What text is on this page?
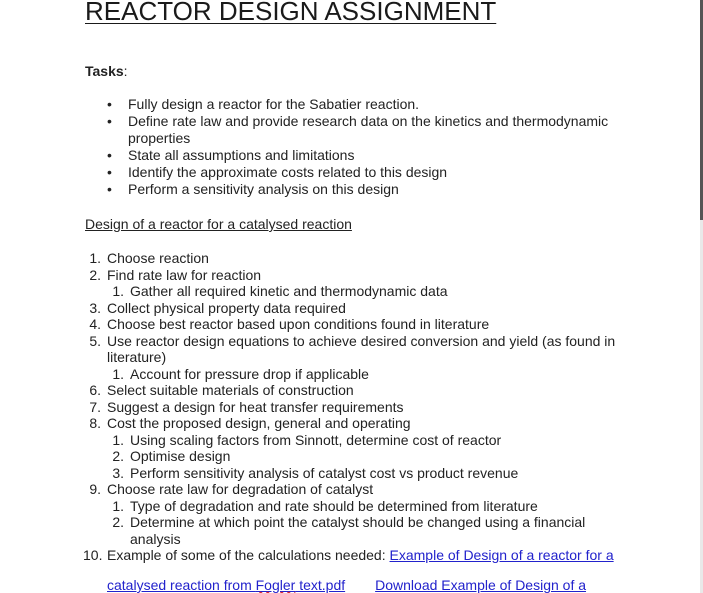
REACTOR DESIGN ASSIGNMENT
Tasks:
• Fully design a reactor for the Sabatier reaction.
• Define rate law and provide research data on the kinetics and thermodynamic properties
• State all assumptions and limitations
• Identify the approximate costs related to this design
• Perform a sensitivity analysis on this design
Design of a reactor for a catalysed reaction
1. Choose reaction
2. Find rate law for reaction
1. Gather all required kinetic and thermodynamic data
3. Collect physical property data required
4. Choose best reactor based upon conditions found in literature
5. Use reactor design equations to achieve desired conversion and yield (as found in literature)
1. Account for pressure drop if applicable
6. Select suitable materials of construction
7. Suggest a design for heat transfer requirements
8. Cost the proposed design, general and operating
1. Using scaling factors from Sinnott, determine cost of reactor
2. Optimise design
3. Perform sensitivity analysis of catalyst cost vs product revenue
9. Choose rate law for degradation of catalyst
1. Type of degradation and rate should be determined from literature
2. Determine at which point the catalyst should be changed using a financial analysis
10. Example of some of the calculations needed: Example of Design of a reactor for a
catalysed reaction from Fogler text.pdf Download Example of Design of a
